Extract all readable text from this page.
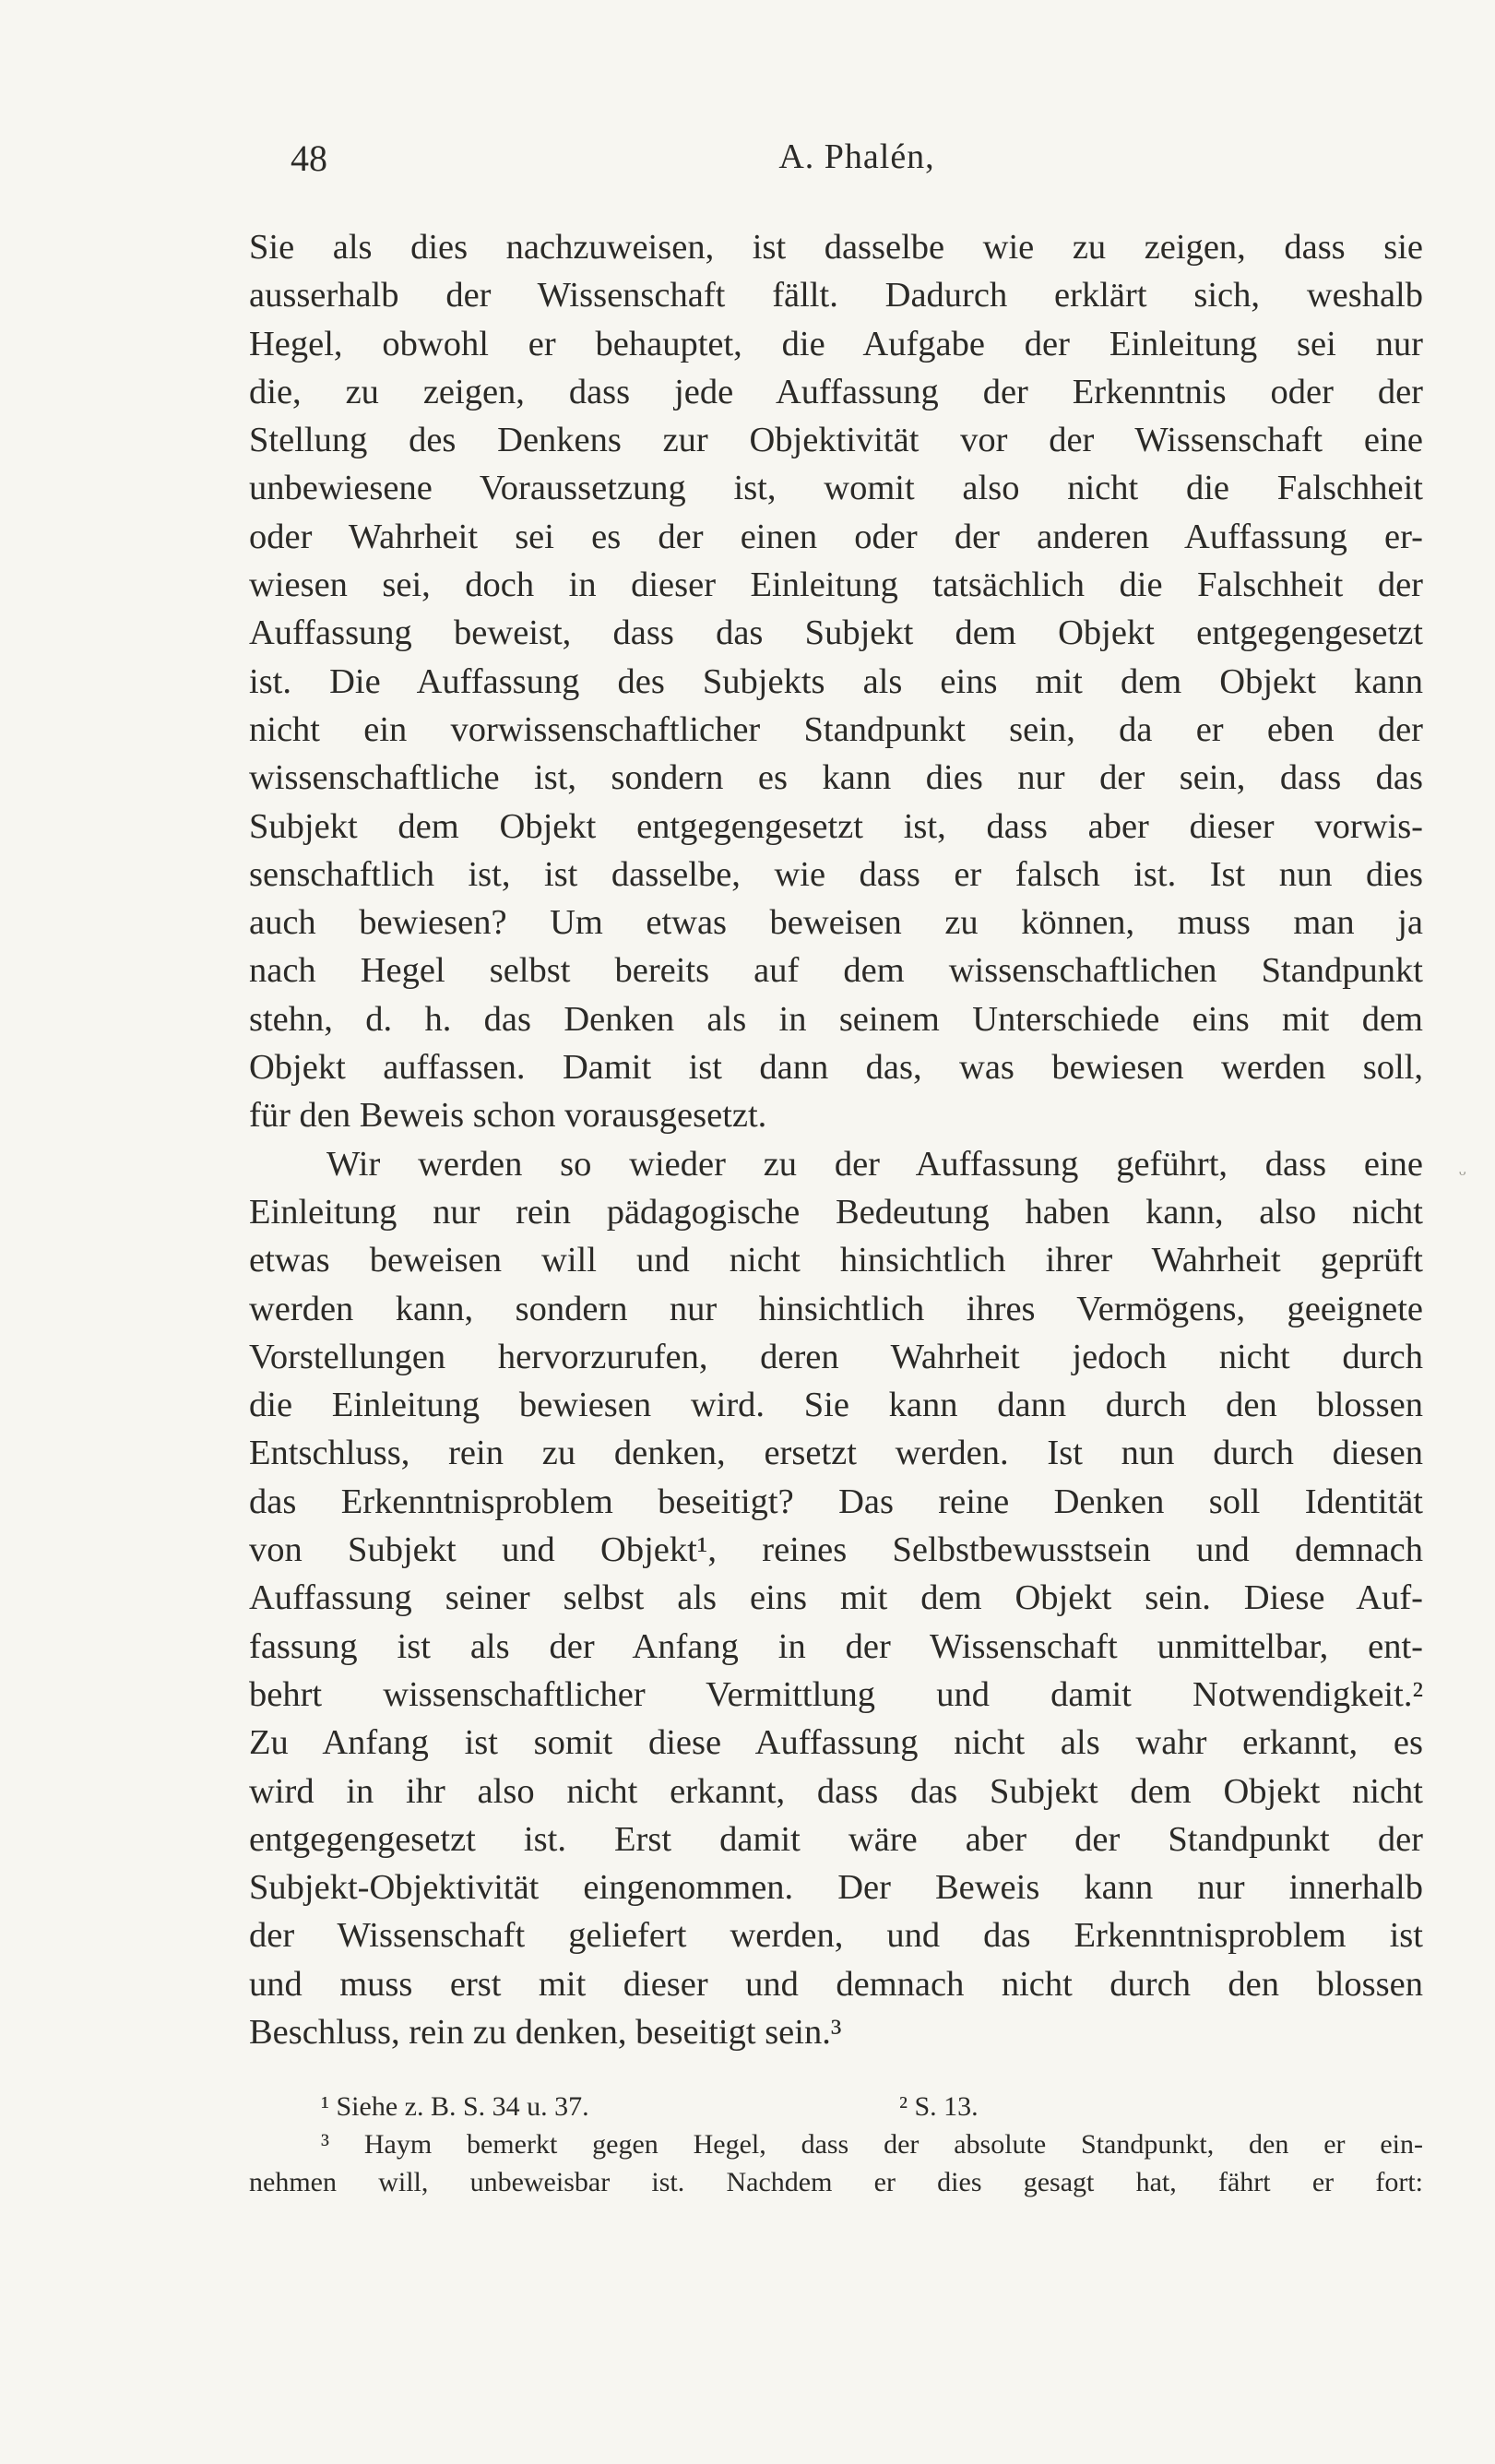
48	A. Phalén,
Sie als dies nachzuweisen, ist dasselbe wie zu zeigen, dass sie
ausserhalb der Wissenschaft fällt. Dadurch erklärt sich, weshalb
Hegel, obwohl er behauptet, die Aufgabe der Einleitung sei nur
die, zu zeigen, dass jede Auffassung der Erkenntnis oder der
Stellung des Denkens zur Objektivität vor der Wissenschaft eine
unbewiesene Voraussetzung ist, womit also nicht die Falschheit
oder Wahrheit sei es der einen oder der anderen Auffassung er-
wiesen sei, doch in dieser Einleitung tatsächlich die Falschheit der
Auffassung beweist, dass das Subjekt dem Objekt entgegengesetzt
ist. Die Auffassung des Subjekts als eins mit dem Objekt kann
nicht ein vorwissenschaftlicher Standpunkt sein, da er eben der
wissenschaftliche ist, sondern es kann dies nur der sein, dass das
Subjekt dem Objekt entgegengesetzt ist, dass aber dieser vorwis-
senschaftlich ist, ist dasselbe, wie dass er falsch ist. Ist nun dies
auch bewiesen? Um etwas beweisen zu können, muss man ja
nach Hegel selbst bereits auf dem wissenschaftlichen Standpunkt
stehn, d. h. das Denken als in seinem Unterschiede eins mit dem
Objekt auffassen. Damit ist dann das, was bewiesen werden soll,
für den Beweis schon vorausgesetzt.
Wir werden so wieder zu der Auffassung geführt, dass eine
Einleitung nur rein pädagogische Bedeutung haben kann, also nicht
etwas beweisen will und nicht hinsichtlich ihrer Wahrheit geprüft
werden kann, sondern nur hinsichtlich ihres Vermögens, geeignete
Vorstellungen hervorzurufen, deren Wahrheit jedoch nicht durch
die Einleitung bewiesen wird. Sie kann dann durch den blossen
Entschluss, rein zu denken, ersetzt werden. Ist nun durch diesen
das Erkenntnisproblem beseitigt? Das reine Denken soll Identität
von Subjekt und Objekt¹, reines Selbstbewusstsein und demnach
Auffassung seiner selbst als eins mit dem Objekt sein. Diese Auf-
fassung ist als der Anfang in der Wissenschaft unmittelbar, ent-
behrt wissenschaftlicher Vermittlung und damit Notwendigkeit.²
Zu Anfang ist somit diese Auffassung nicht als wahr erkannt, es
wird in ihr also nicht erkannt, dass das Subjekt dem Objekt nicht
entgegengesetzt ist. Erst damit wäre aber der Standpunkt der
Subjekt-Objektivität eingenommen. Der Beweis kann nur innerhalb
der Wissenschaft geliefert werden, und das Erkenntnisproblem ist
und muss erst mit dieser und demnach nicht durch den blossen
Beschluss, rein zu denken, beseitigt sein.³
ᵕ
¹ Siehe z. B. S. 34 u. 37.	² S. 13.
³ Haym bemerkt gegen Hegel, dass der absolute Standpunkt, den er ein-
nehmen will, unbeweisbar ist. Nachdem er dies gesagt hat, fährt er fort:
